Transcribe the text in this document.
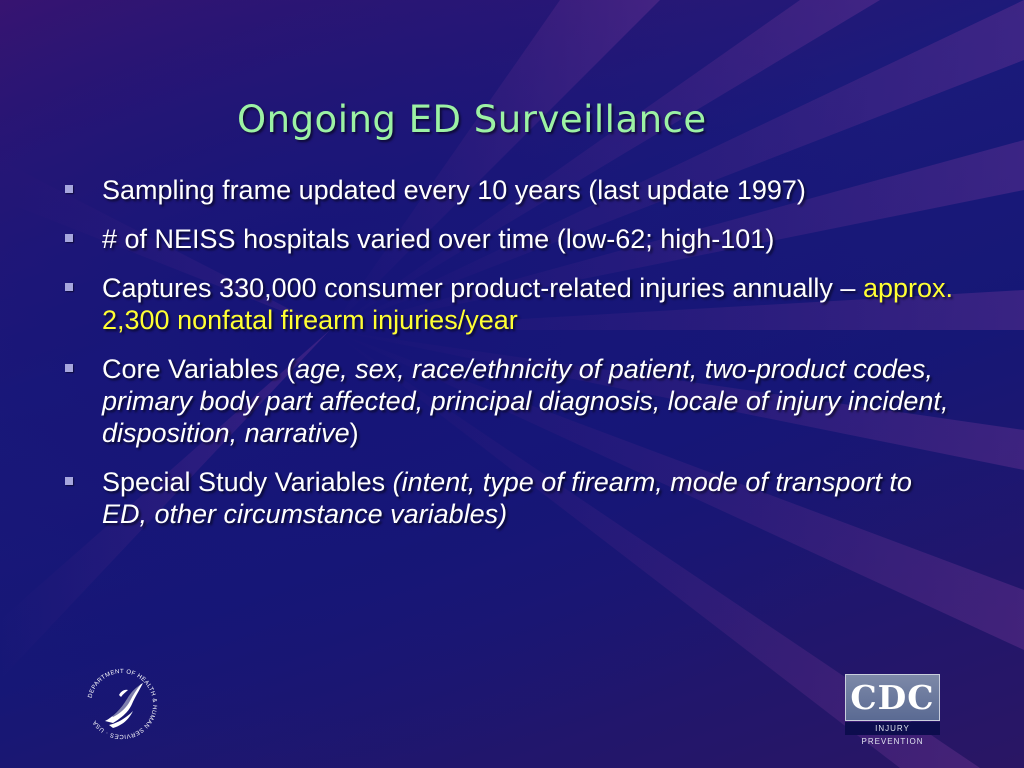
Ongoing ED Surveillance
Sampling frame updated every 10 years (last update 1997)
# of NEISS hospitals varied over time (low-62; high-101)
Captures 330,000 consumer product-related injuries annually – approx. 2,300 nonfatal firearm injuries/year
Core Variables (age, sex, race/ethnicity of patient, two-product codes, primary body part affected, principal diagnosis, locale of injury incident, disposition, narrative)
Special Study Variables (intent, type of firearm, mode of transport to ED, other circumstance variables)
DEPARTMENT OF HEALTH & HUMAN SERVICES · USA
CDC
INJURY PREVENTION
